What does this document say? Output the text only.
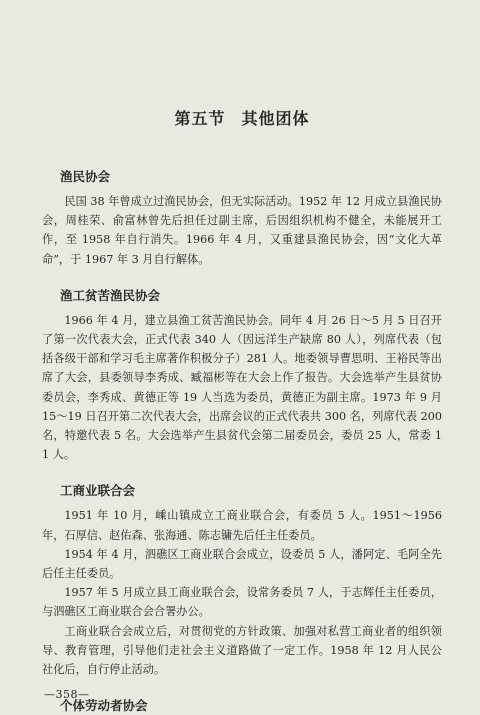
第五节 其他团体
渔民协会

民国 38 年曾成立过渔民协会，但无实际活动。1952 年 12 月成立县渔民协会，周桂荣、俞富林曾先后担任过副主席，后因组织机构不健全，未能展开工作，至 1958 年自行消失。1966 年 4 月，又重建县渔民协会，因“文化大革命”，于 1967 年 3 月自行解体。

渔工贫苦渔民协会

1966 年 4 月，建立县渔工贫苦渔民协会。同年 4 月 26 日～5 月 5 日召开了第一次代表大会，正式代表 340 人（因远洋生产缺席 80 人），列席代表（包括各级干部和学习毛主席著作积极分子）281 人。地委领导曹思明、王裕民等出席了大会，县委领导李秀成、臧福彬等在大会上作了报告。大会选举产生县贫协委员会，李秀成、黄德正等 19 人当选为委员，黄德正为副主席。1973 年 9 月 15～19 日召开第二次代表大会，出席会议的正式代表共 300 名，列席代表 200 名，特邀代表 5 名。大会选举产生县贫代会第二届委员会，委员 25 人，常委 11 人。

工商业联合会

1951 年 10 月，嵊山镇成立工商业联合会，有委员 5 人。1951～1956 年，石厚信、赵佑森、张海通、陈志镛先后任主任委员。

1954 年 4 月，泗礁区工商业联合会成立，设委员 5 人，潘阿定、毛阿全先后任主任委员。

1957 年 5 月成立县工商业联合会，设常务委员 7 人，于志辉任主任委员，与泗礁区工商业联合会合署办公。

工商业联合会成立后，对贯彻党的方针政策、加强对私营工商业者的组织领导、教育管理，引导他们走社会主义道路做了一定工作。1958 年 12 月人民公社化后，自行停止活动。

个体劳动者协会
—358—
